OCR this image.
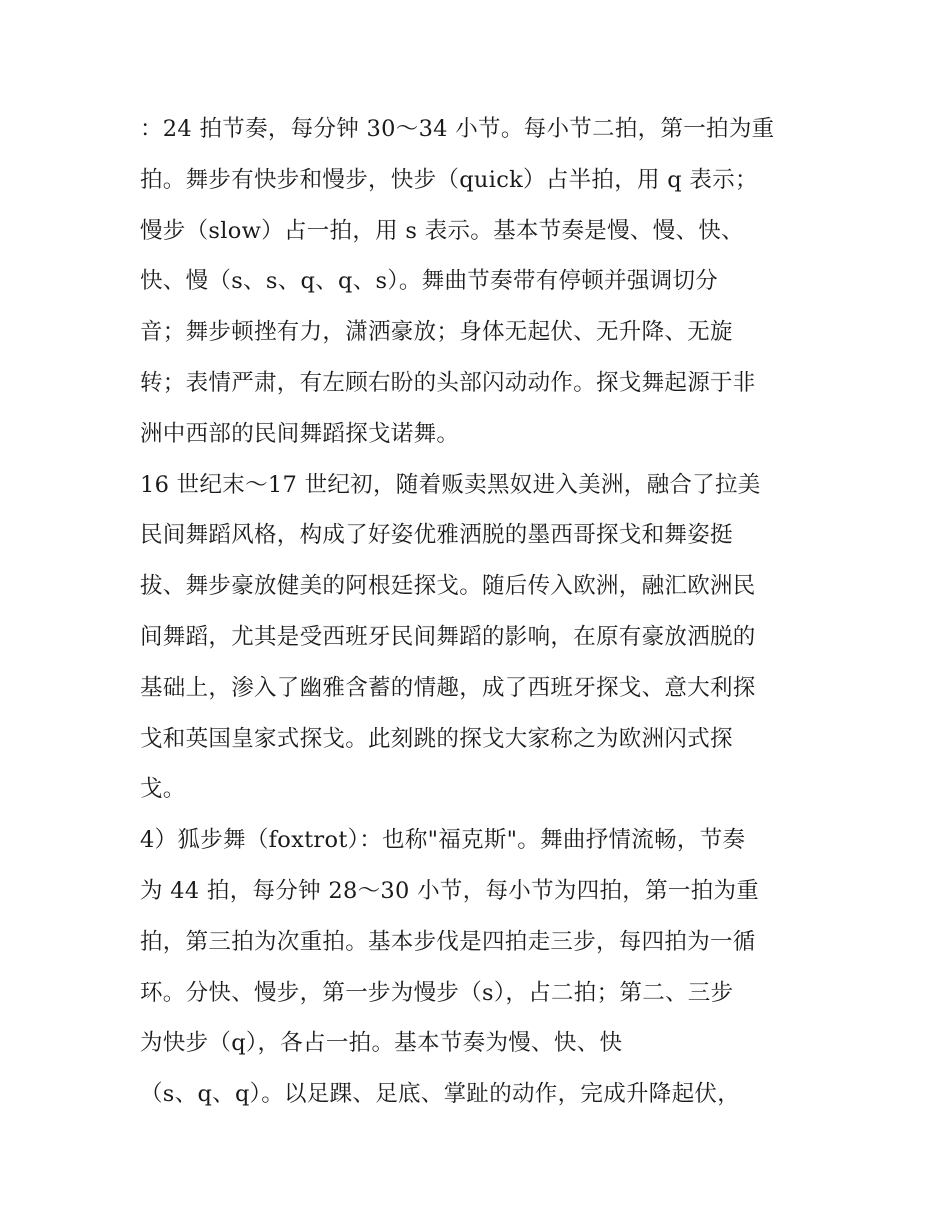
：24 拍节奏，每分钟 30～34 小节。每小节二拍，第一拍为重
拍。舞步有快步和慢步，快步（quick）占半拍，用 q 表示；
慢步（slow）占一拍，用 s 表示。基本节奏是慢、慢、快、
快、慢（s、s、q、q、s）。舞曲节奏带有停顿并强调切分
音；舞步顿挫有力，潇洒豪放；身体无起伏、无升降、无旋
转；表情严肃，有左顾右盼的头部闪动动作。探戈舞起源于非
洲中西部的民间舞蹈探戈诺舞。
16 世纪末～17 世纪初，随着贩卖黑奴进入美洲，融合了拉美
民间舞蹈风格，构成了好姿优雅洒脱的墨西哥探戈和舞姿挺
拔、舞步豪放健美的阿根廷探戈。随后传入欧洲，融汇欧洲民
间舞蹈，尤其是受西班牙民间舞蹈的影响，在原有豪放洒脱的
基础上，渗入了幽雅含蓄的情趣，成了西班牙探戈、意大利探
戈和英国皇家式探戈。此刻跳的探戈大家称之为欧洲闪式探
戈。
4）狐步舞（foxtrot）：也称"福克斯"。舞曲抒情流畅，节奏
为 44 拍，每分钟 28～30 小节，每小节为四拍，第一拍为重
拍，第三拍为次重拍。基本步伐是四拍走三步，每四拍为一循
环。分快、慢步，第一步为慢步（s），占二拍；第二、三步
为快步（q），各占一拍。基本节奏为慢、快、快
（s、q、q）。以足踝、足底、掌趾的动作，完成升降起伏，
